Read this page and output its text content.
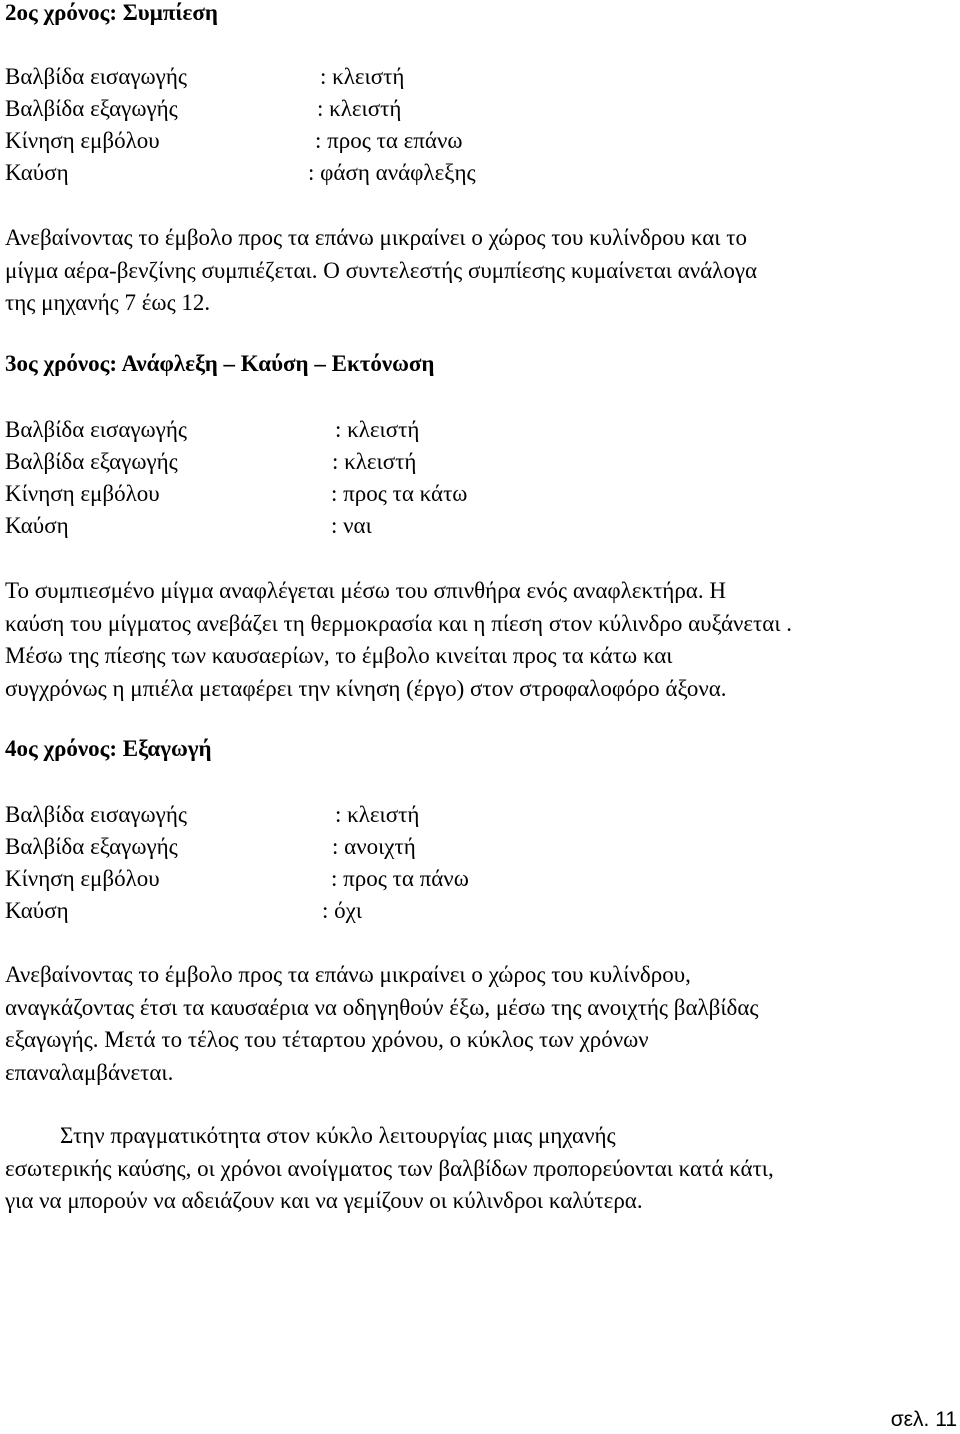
2ος χρόνος: Συμπίεση
Βαλβίδα εισαγωγής	: κλειστή
Βαλβίδα εξαγωγής	: κλειστή
Κίνηση εμβόλου	: προς τα επάνω
Καύση	: φάση ανάφλεξης
Ανεβαίνοντας το έμβολο προς τα επάνω μικραίνει ο χώρος του κυλίνδρου και το
μίγμα αέρα-βενζίνης συμπιέζεται. Ο συντελεστής συμπίεσης κυμαίνεται ανάλογα
της μηχανής 7 έως 12.
3ος χρόνος: Ανάφλεξη – Καύση – Εκτόνωση
Βαλβίδα εισαγωγής	: κλειστή
Βαλβίδα εξαγωγής	: κλειστή
Κίνηση εμβόλου	: προς τα κάτω
Καύση	: ναι
Το συμπιεσμένο μίγμα αναφλέγεται μέσω του σπινθήρα ενός αναφλεκτήρα. Η
καύση του μίγματος ανεβάζει τη θερμοκρασία και η πίεση στον κύλινδρο αυξάνεται .
Μέσω της πίεσης των καυσαερίων, το έμβολο κινείται προς τα κάτω και
συγχρόνως η μπιέλα μεταφέρει την κίνηση (έργο) στον στροφαλοφόρο άξονα.
4ος χρόνος: Εξαγωγή
Βαλβίδα εισαγωγής	: κλειστή
Βαλβίδα εξαγωγής	: ανοιχτή
Κίνηση εμβόλου	: προς τα πάνω
Καύση	: όχι
Ανεβαίνοντας το έμβολο προς τα επάνω μικραίνει ο χώρος του κυλίνδρου,
αναγκάζοντας έτσι τα καυσαέρια να οδηγηθούν έξω, μέσω της ανοιχτής βαλβίδας
εξαγωγής. Μετά το τέλος του τέταρτου χρόνου, ο κύκλος των χρόνων
επαναλαμβάνεται.
Στην πραγματικότητα στον κύκλο λειτουργίας μιας μηχανής
εσωτερικής καύσης, οι χρόνοι ανοίγματος των βαλβίδων προπορεύονται κατά κάτι,
για να μπορούν να αδειάζουν και να γεμίζουν οι κύλινδροι καλύτερα.
σελ. 11
